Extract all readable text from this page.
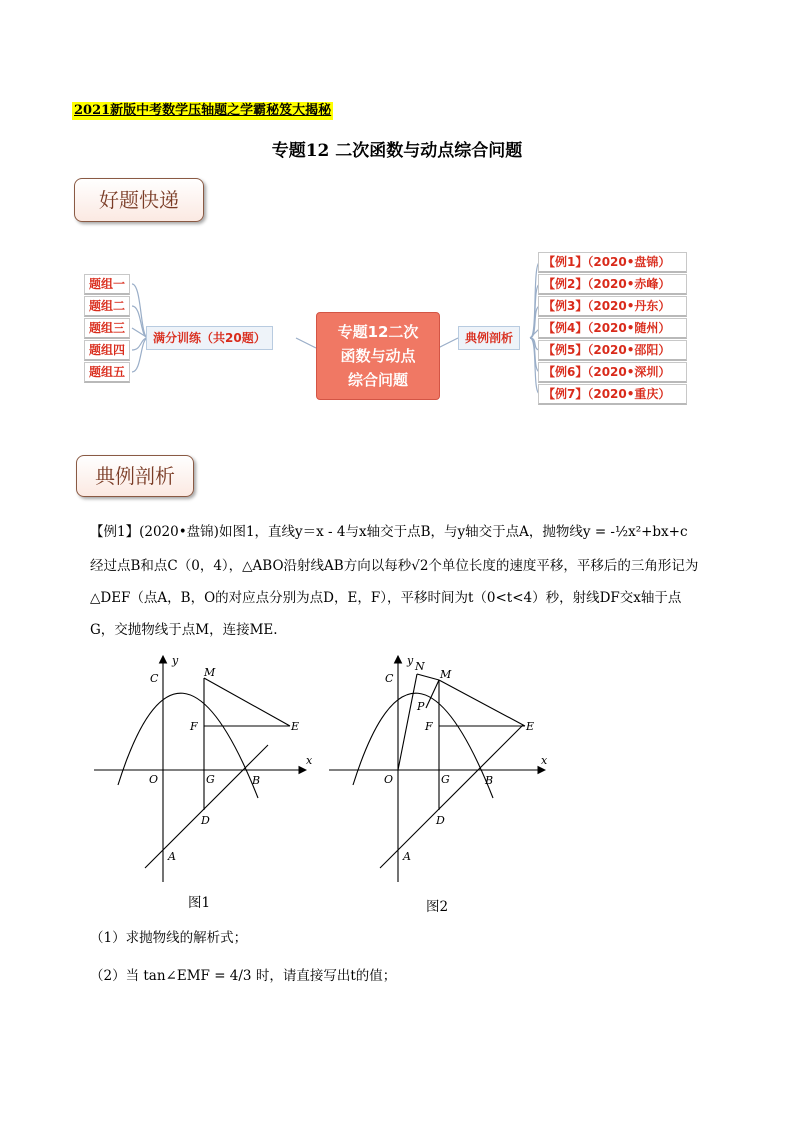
2021新版中考数学压轴题之学霸秘笈大揭秘
专题12 二次函数与动点综合问题
好题快递
题组一
题组二
题组三
题组四
题组五
满分训练（共20题）	专题12二次
函数与动点
综合问题
典例剖析
【例1】（2020•盘锦）
【例2】（2020•赤峰）
【例3】（2020•丹东）
【例4】（2020•随州）
【例5】（2020•邵阳）
【例6】（2020•深圳）
【例7】（2020•重庆）
典例剖析
【例1】(2020•盘锦)如图1，直线y＝x - 4与x轴交于点B，与y轴交于点A，抛物线y = -½x²+bx+c
经过点B和点C（0，4），△ABO沿射线AB方向以每秒√2个单位长度的速度平移，平移后的三角形记为
△DEF（点A，B，O的对应点分别为点D，E，F），平移时间为t（0<t<4）秒，射线DF交x轴于点
G，交抛物线于点M，连接ME.
y
x
C	M
F	E
O	G	B
D
A
图1
y
x
N
M
C
P
F	E
O	G	B
D
A
图2
（1）求抛物线的解析式；
（2）当 tan∠EMF = 4/3 时，请直接写出t的值；
